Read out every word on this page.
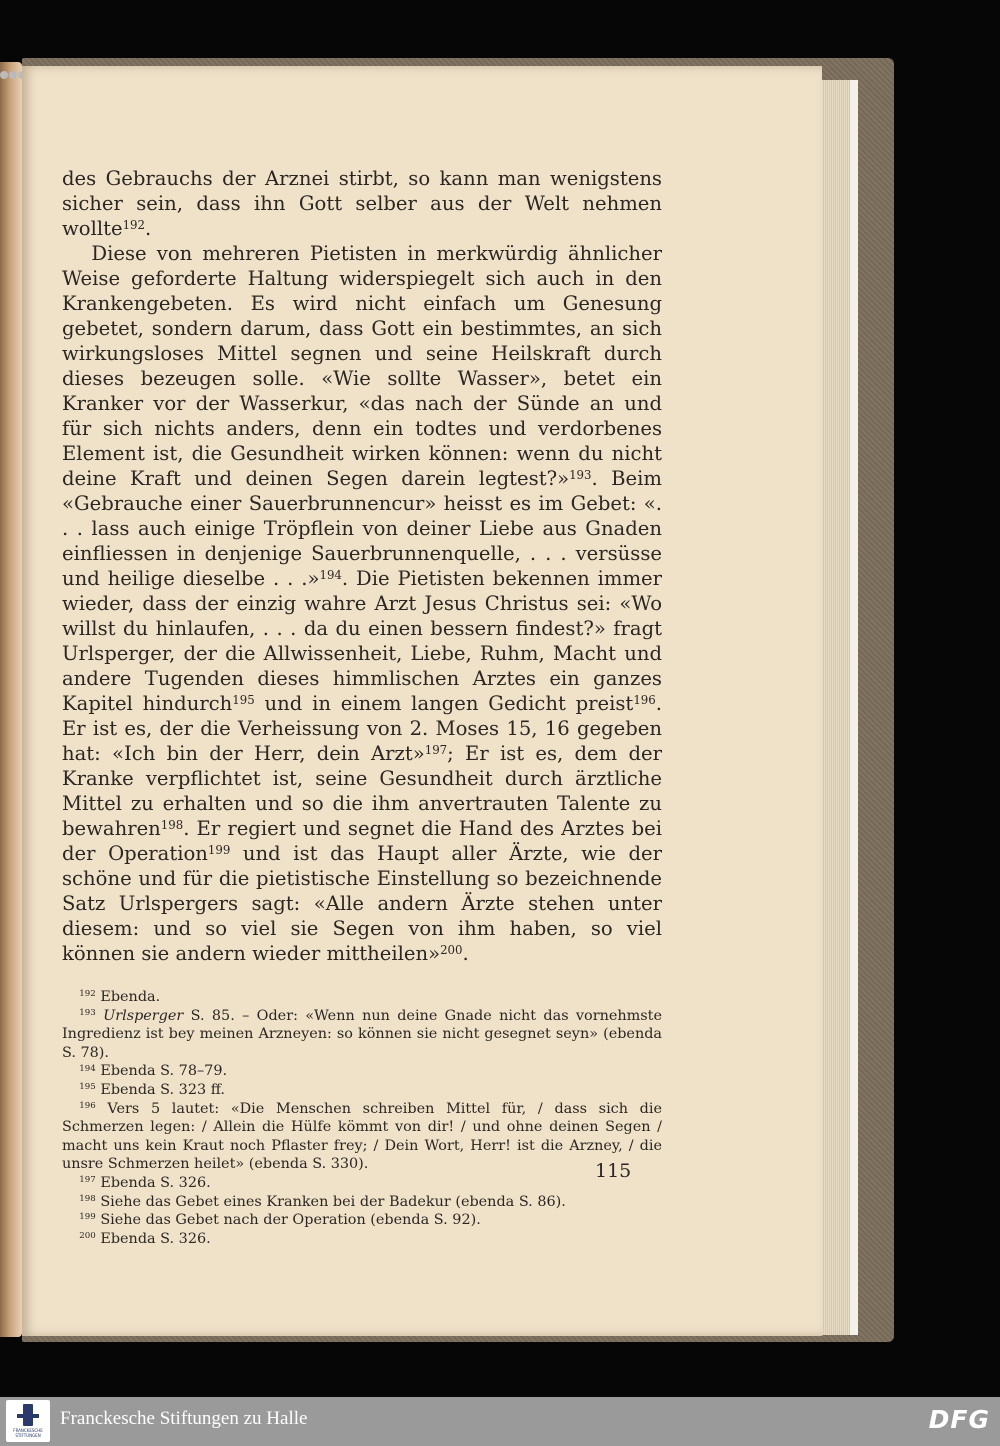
des Gebrauchs der Arznei stirbt, so kann man wenigstens sicher sein, dass ihn Gott selber aus der Welt nehmen wollte$^{192}$.

Diese von mehreren Pietisten in merkwürdig ähnlicher Weise geforderte Haltung widerspiegelt sich auch in den Krankengebeten. Es wird nicht einfach um Genesung gebetet, sondern darum, dass Gott ein bestimmtes, an sich wirkungsloses Mittel segnen und seine Heilskraft durch dieses bezeugen solle. «Wie sollte Wasser», betet ein Kranker vor der Wasserkur, «das nach der Sünde an und für sich nichts anders, denn ein todtes und verdorbenes Element ist, die Gesundheit wirken können: wenn du nicht deine Kraft und deinen Segen darein legtest?»$^{193}$. Beim «Gebrauche einer Sauerbrunnencur» heisst es im Gebet: «. . . lass auch einige Tröpflein von deiner Liebe aus Gnaden einfliessen in denjenige Sauerbrunnenquelle, . . . versüsse und heilige dieselbe . . .»$^{194}$. Die Pietisten bekennen immer wieder, dass der einzig wahre Arzt Jesus Christus sei: «Wo willst du hinlaufen, . . . da du einen bessern findest?» fragt Urlsperger, der die Allwissenheit, Liebe, Ruhm, Macht und andere Tugenden dieses himmlischen Arztes ein ganzes Kapitel hindurch$^{195}$ und in einem langen Gedicht preist$^{196}$. Er ist es, der die Verheissung von 2. Moses 15, 16 gegeben hat: «Ich bin der Herr, dein Arzt»$^{197}$; Er ist es, dem der Kranke verpflichtet ist, seine Gesundheit durch ärztliche Mittel zu erhalten und so die ihm anvertrauten Talente zu bewahren$^{198}$. Er regiert und segnet die Hand des Arztes bei der Operation$^{199}$ und ist das Haupt aller Ärzte, wie der schöne und für die pietistische Einstellung so bezeichnende Satz Urlspergers sagt: «Alle andern Ärzte stehen unter diesem: und so viel sie Segen von ihm haben, so viel können sie andern wieder mittheilen»$^{200}$.

$^{192}$ Ebenda.

$^{193}$ Urlsperger S. 85. – Oder: «Wenn nun deine Gnade nicht das vornehmste Ingredienz ist bey meinen Arzneyen: so können sie nicht gesegnet seyn» (ebenda S. 78).

$^{194}$ Ebenda S. 78–79.

$^{195}$ Ebenda S. 323 ff.

$^{196}$ Vers 5 lautet: «Die Menschen schreiben Mittel für, / dass sich die Schmerzen legen: / Allein die Hülfe kömmt von dir! / und ohne deinen Segen / macht uns kein Kraut noch Pflaster frey; / Dein Wort, Herr! ist die Arzney, / die unsre Schmerzen heilet» (ebenda S. 330).

$^{197}$ Ebenda S. 326.

$^{198}$ Siehe das Gebet eines Kranken bei der Badekur (ebenda S. 86).

$^{199}$ Siehe das Gebet nach der Operation (ebenda S. 92).

$^{200}$ Ebenda S. 326.

115
FRANCKESCHE
STIFTUNGEN
Franckesche Stiftungen zu Halle	DFG
